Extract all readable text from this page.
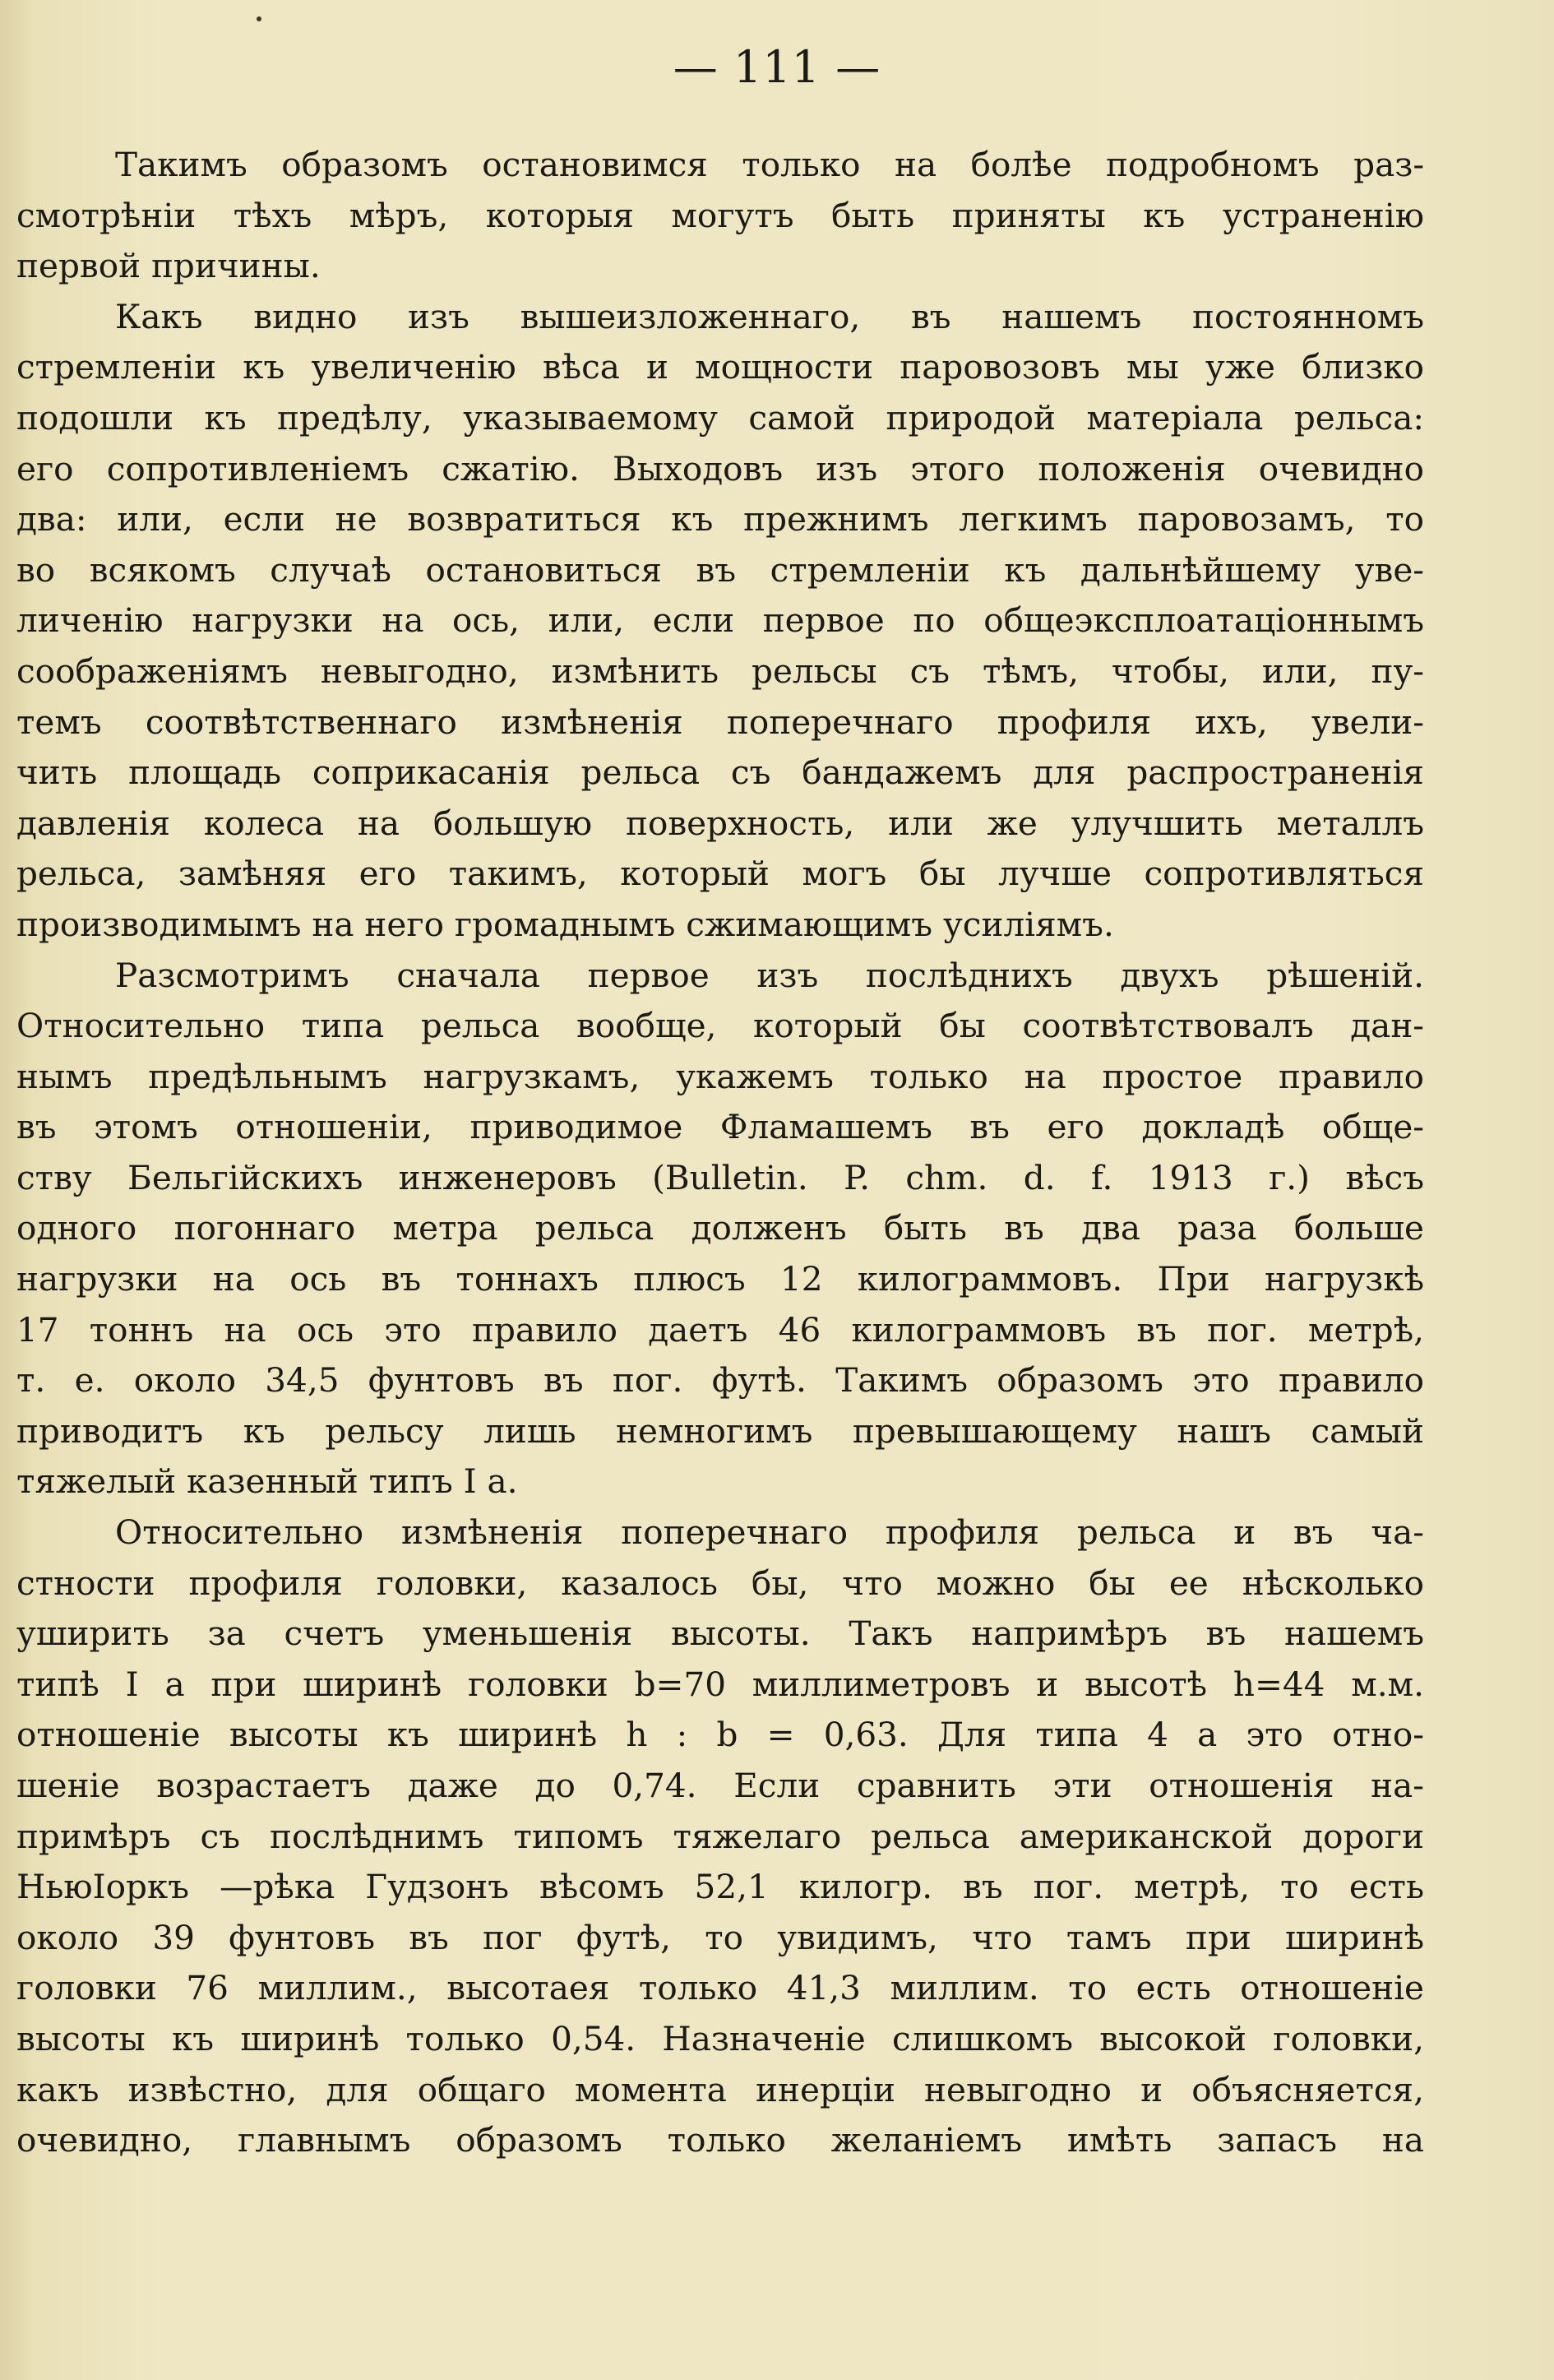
— 111 —
Такимъ образомъ остановимся только на болѣе подробномъ раз-
смотрѣніи тѣхъ мѣръ, которыя могутъ быть приняты къ устраненію
первой причины.
Какъ видно изъ вышеизложеннаго, въ нашемъ постоянномъ
стремленіи къ увеличенію вѣса и мощности паровозовъ мы уже близко
подошли къ предѣлу, указываемому самой природой матеріала рельса:
его сопротивленіемъ сжатію. Выходовъ изъ этого положенія очевидно
два: или, если не возвратиться къ прежнимъ легкимъ паровозамъ, то
во всякомъ случаѣ остановиться въ стремленіи къ дальнѣйшему уве-
личенію нагрузки на ось, или, если первое по общеэксплоатаціоннымъ
соображеніямъ невыгодно, измѣнить рельсы съ тѣмъ, чтобы, или, пу-
темъ соотвѣтственнаго измѣненія поперечнаго профиля ихъ, увели-
чить площадь соприкасанія рельса съ бандажемъ для распространенія
давленія колеса на большую поверхность, или же улучшить металлъ
рельса, замѣняя его такимъ, который могъ бы лучше сопротивляться
производимымъ на него громаднымъ сжимающимъ усиліямъ.
Разсмотримъ сначала первое изъ послѣднихъ двухъ рѣшеній.
Относительно типа рельса вообще, который бы соотвѣтствовалъ дан-
нымъ предѣльнымъ нагрузкамъ, укажемъ только на простое правило
въ этомъ отношеніи, приводимое Фламашемъ въ его докладѣ обще-
ству Бельгійскихъ инженеровъ (Bulletin. P. chm. d. f. 1913 г.) вѣсъ
одного погоннаго метра рельса долженъ быть въ два раза больше
нагрузки на ось въ тоннахъ плюсъ 12 килограммовъ. При нагрузкѣ
17 тоннъ на ось это правило даетъ 46 килограммовъ въ пог. метрѣ,
т. е. около 34,5 фунтовъ въ пог. футѣ. Такимъ образомъ это правило
приводитъ къ рельсу лишь немногимъ превышающему нашъ самый
тяжелый казенный типъ I а.
Относительно измѣненія поперечнаго профиля рельса и въ ча-
стности профиля головки, казалось бы, что можно бы ее нѣсколько
уширить за счетъ уменьшенія высоты. Такъ напримѣръ въ нашемъ
типѣ I а при ширинѣ головки b=70 миллиметровъ и высотѣ h=44 м.м.
отношеніе высоты къ ширинѣ h : b = 0,63. Для типа 4 а это отно-
шеніе возрастаетъ даже до 0,74. Если сравнить эти отношенія на-
примѣръ съ послѣднимъ типомъ тяжелаго рельса американской дороги
НьюІоркъ —рѣка Гудзонъ вѣсомъ 52,1 килогр. въ пог. метрѣ, то есть
около 39 фунтовъ въ пог футѣ, то увидимъ, что тамъ при ширинѣ
головки 76 миллим., высотаея только 41,3 миллим. то есть отношеніе
высоты къ ширинѣ только 0,54. Назначеніе слишкомъ высокой головки,
какъ извѣстно, для общаго момента инерціи невыгодно и объясняется,
очевидно, главнымъ образомъ только желаніемъ имѣть запасъ на
